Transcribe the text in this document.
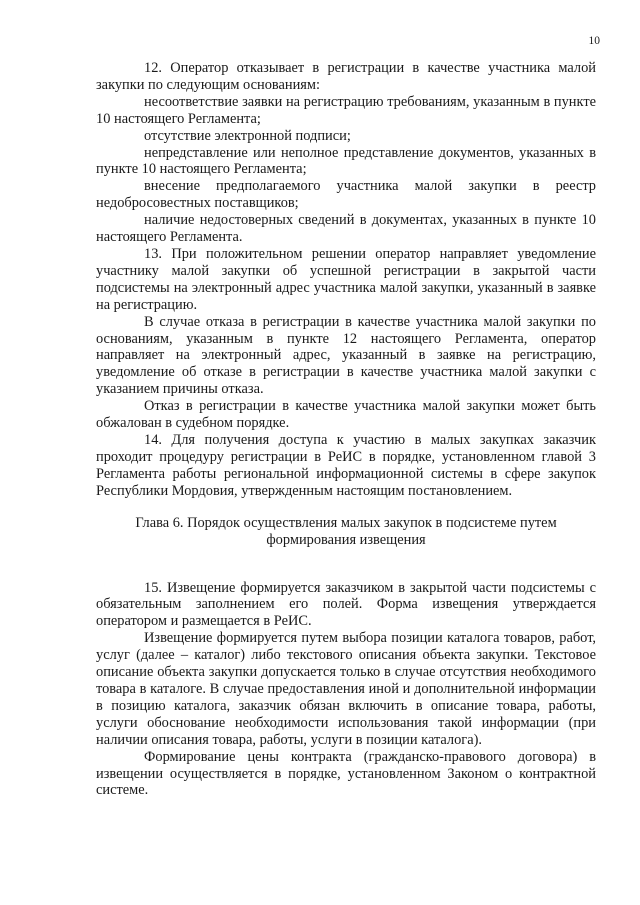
10

12. Оператор отказывает в регистрации в качестве участника малой закупки по следующим основаниям:

несоответствие заявки на регистрацию требованиям, указанным в пункте 10 настоящего Регламента;

отсутствие электронной подписи;

непредставление или неполное представление документов, указанных в пункте 10 настоящего Регламента;

внесение предполагаемого участника малой закупки в реестр недобросовестных поставщиков;

наличие недостоверных сведений в документах, указанных в пункте 10 настоящего Регламента.

13. При положительном решении оператор направляет уведомление участнику малой закупки об успешной регистрации в закрытой части подсистемы на электронный адрес участника малой закупки, указанный в заявке на регистрацию.

В случае отказа в регистрации в качестве участника малой закупки по основаниям, указанным в пункте 12 настоящего Регламента, оператор направляет на электронный адрес, указанный в заявке на регистрацию, уведомление об отказе в регистрации в качестве участника малой закупки с указанием причины отказа.

Отказ в регистрации в качестве участника малой закупки может быть обжалован в судебном порядке.

14. Для получения доступа к участию в малых закупках заказчик проходит процедуру регистрации в РеИС в порядке, установленном главой 3 Регламента работы региональной информационной системы в сфере закупок Республики Мордовия, утвержденным настоящим постановлением.

Глава 6. Порядок осуществления малых закупок в подсистеме путем

формирования извещения

15. Извещение формируется заказчиком в закрытой части подсистемы с обязательным заполнением его полей. Форма извещения утверждается оператором и размещается в РеИС.

Извещение формируется путем выбора позиции каталога товаров, работ, услуг (далее – каталог) либо текстового описания объекта закупки. Текстовое описание объекта закупки допускается только в случае отсутствия необходимого товара в каталоге. В случае предоставления иной и дополнительной информации в позицию каталога, заказчик обязан включить в описание товара, работы, услуги обоснование необходимости использования такой информации (при наличии описания товара, работы, услуги в позиции каталога).

Формирование цены контракта (гражданско-правового договора) в извещении осуществляется в порядке, установленном Законом о контрактной системе.
